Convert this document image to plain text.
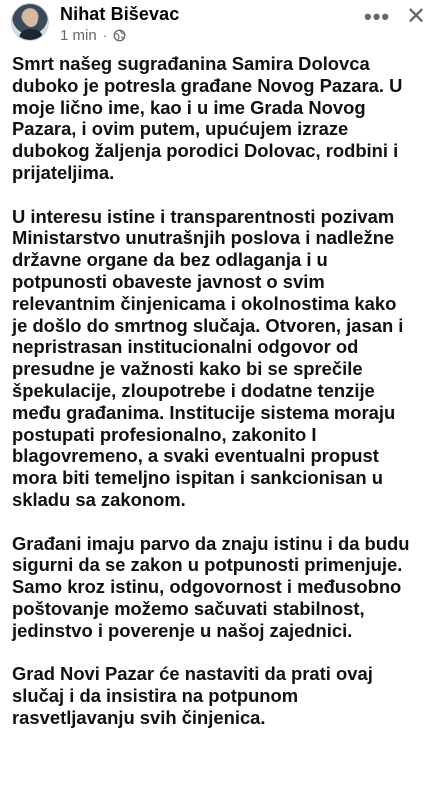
Nihat Biševac
1 min ·
••• ✕

Smrt našeg sugrađanina Samira Dolovca
duboko je potresla građane Novog Pazara. U
moje lično ime, kao i u ime Grada Novog
Pazara, i ovim putem, upućujem izraze
dubokog žaljenja porodici Dolovac, rodbini i
prijateljima.

U interesu istine i transparentnosti pozivam
Ministarstvo unutrašnjih poslova i nadležne
državne organe da bez odlaganja i u
potpunosti obaveste javnost o svim
relevantnim činjenicama i okolnostima kako
je došlo do smrtnog slučaja. Otvoren, jasan i
nepristrasan institucionalni odgovor od
presudne je važnosti kako bi se sprečile
špekulacije, zloupotrebe i dodatne tenzije
među građanima. Institucije sistema moraju
postupati profesionalno, zakonito I
blagovremeno, a svaki eventualni propust
mora biti temeljno ispitan i sankcionisan u
skladu sa zakonom.

Građani imaju parvo da znaju istinu i da budu
sigurni da se zakon u potpunosti primenjuje.
Samo kroz istinu, odgovornost i međusobno
poštovanje možemo sačuvati stabilnost,
jedinstvo i poverenje u našoj zajednici.

Grad Novi Pazar će nastaviti da prati ovaj
slučaj i da insistira na potpunom
rasvetljavanju svih činjenica.
